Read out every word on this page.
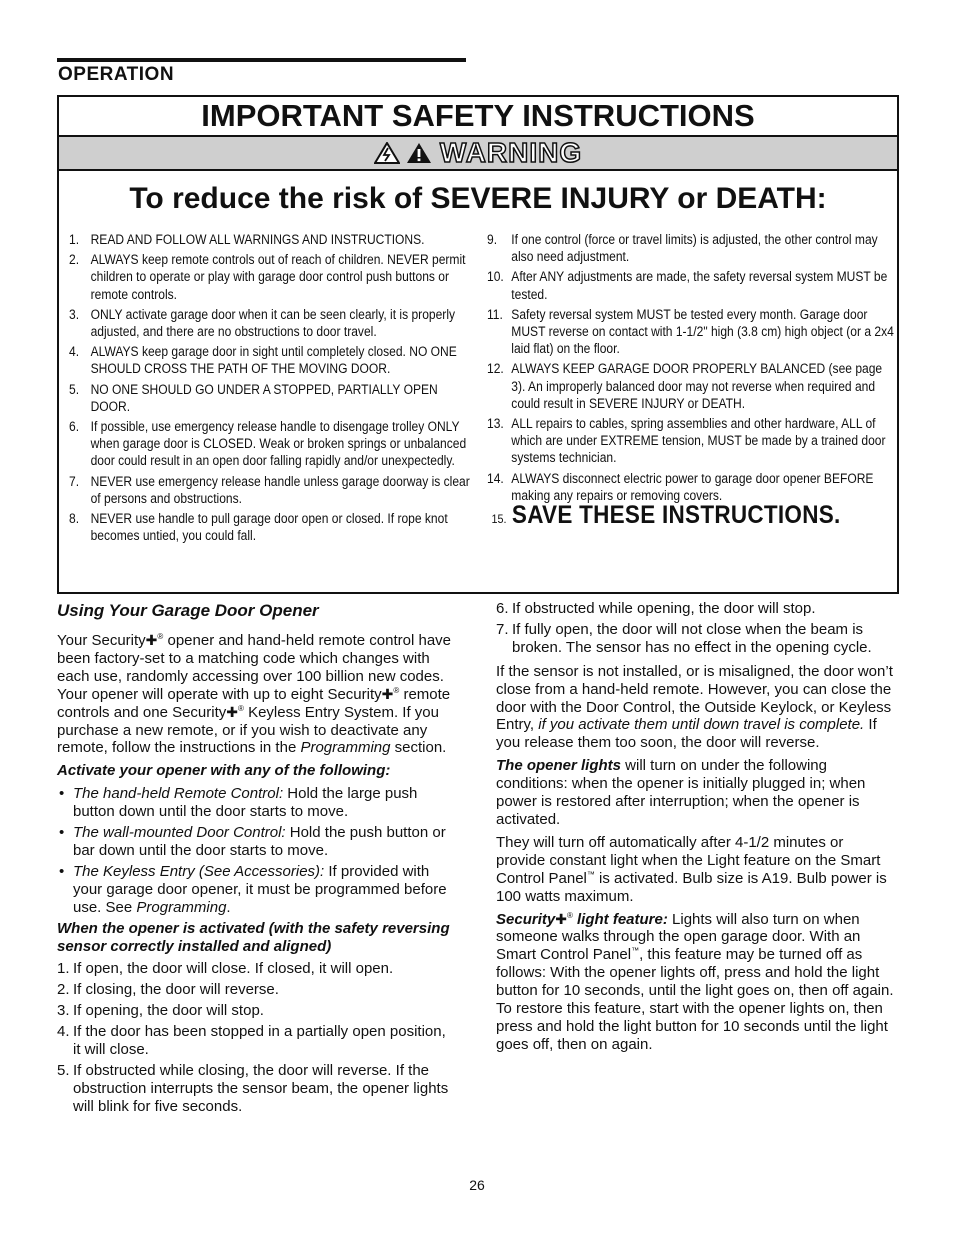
OPERATION
IMPORTANT SAFETY INSTRUCTIONS
WARNING
To reduce the risk of SEVERE INJURY or DEATH:
1. READ AND FOLLOW ALL WARNINGS AND INSTRUCTIONS.
2. ALWAYS keep remote controls out of reach of children. NEVER permit children to operate or play with garage door control push buttons or remote controls.
3. ONLY activate garage door when it can be seen clearly, it is properly adjusted, and there are no obstructions to door travel.
4. ALWAYS keep garage door in sight until completely closed. NO ONE SHOULD CROSS THE PATH OF THE MOVING DOOR.
5. NO ONE SHOULD GO UNDER A STOPPED, PARTIALLY OPEN DOOR.
6. If possible, use emergency release handle to disengage trolley ONLY when garage door is CLOSED. Weak or broken springs or unbalanced door could result in an open door falling rapidly and/or unexpectedly.
7. NEVER use emergency release handle unless garage doorway is clear of persons and obstructions.
8. NEVER use handle to pull garage door open or closed. If rope knot becomes untied, you could fall.
9. If one control (force or travel limits) is adjusted, the other control may also need adjustment.
10. After ANY adjustments are made, the safety reversal system MUST be tested.
11. Safety reversal system MUST be tested every month. Garage door MUST reverse on contact with 1-1/2" high (3.8 cm) high object (or a 2x4 laid flat) on the floor.
12. ALWAYS KEEP GARAGE DOOR PROPERLY BALANCED (see page 3). An improperly balanced door may not reverse when required and could result in SEVERE INJURY or DEATH.
13. ALL repairs to cables, spring assemblies and other hardware, ALL of which are under EXTREME tension, MUST be made by a trained door systems technician.
14. ALWAYS disconnect electric power to garage door opener BEFORE making any repairs or removing covers.
15. SAVE THESE INSTRUCTIONS.
Using Your Garage Door Opener

Your Security✚® opener and hand-held remote control have been factory-set to a matching code which changes with each use, randomly accessing over 100 billion new codes. Your opener will operate with up to eight Security✚® remote controls and one Security✚® Keyless Entry System. If you purchase a new remote, or if you wish to deactivate any remote, follow the instructions in the Programming section.

Activate your opener with any of the following:

• The hand-held Remote Control: Hold the large push button down until the door starts to move.
• The wall-mounted Door Control: Hold the push button or bar down until the door starts to move.
• The Keyless Entry (See Accessories): If provided with your garage door opener, it must be programmed before use. See Programming.

When the opener is activated (with the safety reversing sensor correctly installed and aligned)

1. If open, the door will close. If closed, it will open.
2. If closing, the door will reverse.
3. If opening, the door will stop.
4. If the door has been stopped in a partially open position, it will close.
5. If obstructed while closing, the door will reverse. If the obstruction interrupts the sensor beam, the opener lights will blink for five seconds.
6. If obstructed while opening, the door will stop.
7. If fully open, the door will not close when the beam is broken. The sensor has no effect in the opening cycle.

If the sensor is not installed, or is misaligned, the door won’t close from a hand-held remote. However, you can close the door with the Door Control, the Outside Keylock, or Keyless Entry, if you activate them until down travel is complete. If you release them too soon, the door will reverse.

The opener lights will turn on under the following conditions: when the opener is initially plugged in; when power is restored after interruption; when the opener is activated.

They will turn off automatically after 4-1/2 minutes or provide constant light when the Light feature on the Smart Control Panel™ is activated. Bulb size is A19. Bulb power is 100 watts maximum.

Security✚® light feature: Lights will also turn on when someone walks through the open garage door. With an Smart Control Panel™, this feature may be turned off as follows: With the opener lights off, press and hold the light button for 10 seconds, until the light goes on, then off again. To restore this feature, start with the opener lights on, then press and hold the light button for 10 seconds until the light goes off, then on again.

26
